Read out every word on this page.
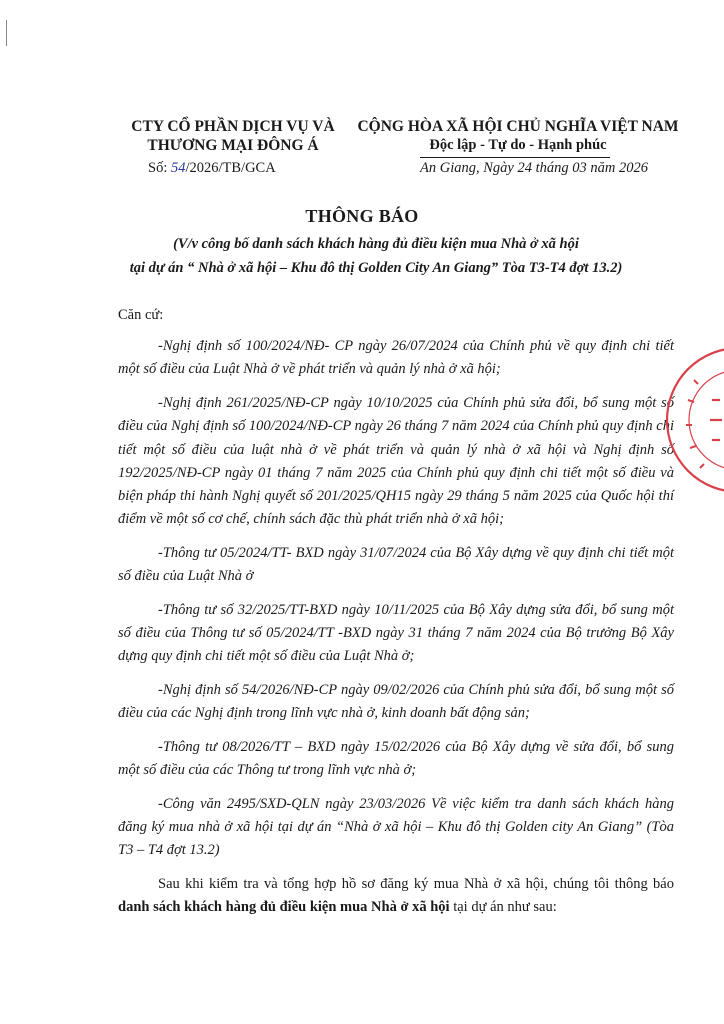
CTY CỔ PHẦN DỊCH VỤ VÀ
THƯƠNG MẠI ĐÔNG Á
CỘNG HÒA XÃ HỘI CHỦ NGHĨA VIỆT NAM
Độc lập - Tự do - Hạnh phúc
Số: 54/2026/TB/GCA	An Giang, Ngày 24 tháng 03 năm 2026
THÔNG BÁO
(V/v công bố danh sách khách hàng đủ điều kiện mua Nhà ở xã hội
tại dự án “ Nhà ở xã hội – Khu đô thị Golden City An Giang” Tòa T3-T4 đợt 13.2)

Căn cứ:

-Nghị định số 100/2024/NĐ- CP ngày 26/07/2024 của Chính phủ về quy định chi tiết một số điều của Luật Nhà ở về phát triển và quản lý nhà ở xã hội;

-Nghị định 261/2025/NĐ-CP ngày 10/10/2025 của Chính phủ sửa đổi, bổ sung một số điều của Nghị định số 100/2024/NĐ-CP ngày 26 tháng 7 năm 2024 của Chính phủ quy định chi tiết một số điều của luật nhà ở về phát triển và quản lý nhà ở xã hội và Nghị định số 192/2025/NĐ-CP ngày 01 tháng 7 năm 2025 của Chính phủ quy định chi tiết một số điều và biện pháp thi hành Nghị quyết số 201/2025/QH15 ngày 29 tháng 5 năm 2025 của Quốc hội thí điểm về một số cơ chế, chính sách đặc thù phát triển nhà ở xã hội;

-Thông tư 05/2024/TT- BXD ngày 31/07/2024 của Bộ Xây dựng về quy định chi tiết một số điều của Luật Nhà ở

-Thông tư số 32/2025/TT-BXD ngày 10/11/2025 của Bộ Xây dựng sửa đổi, bổ sung một số điều của Thông tư số 05/2024/TT -BXD ngày 31 tháng 7 năm 2024 của Bộ trưởng Bộ Xây dựng quy định chi tiết một số điều của Luật Nhà ở;

-Nghị định số 54/2026/NĐ-CP ngày 09/02/2026 của Chính phủ sửa đổi, bổ sung một số điều của các Nghị định trong lĩnh vực nhà ở, kinh doanh bất động sản;

-Thông tư 08/2026/TT – BXD ngày 15/02/2026 của Bộ Xây dựng về sửa đổi, bổ sung một số điều của các Thông tư trong lĩnh vực nhà ở;

-Công văn 2495/SXD-QLN ngày 23/03/2026 Về việc kiểm tra danh sách khách hàng đăng ký mua nhà ở xã hội tại dự án “Nhà ở xã hội – Khu đô thị Golden city An Giang” (Tòa T3 – T4 đợt 13.2)

Sau khi kiểm tra và tổng hợp hồ sơ đăng ký mua Nhà ở xã hội, chúng tôi thông báo danh sách khách hàng đủ điều kiện mua Nhà ở xã hội tại dự án như sau:
